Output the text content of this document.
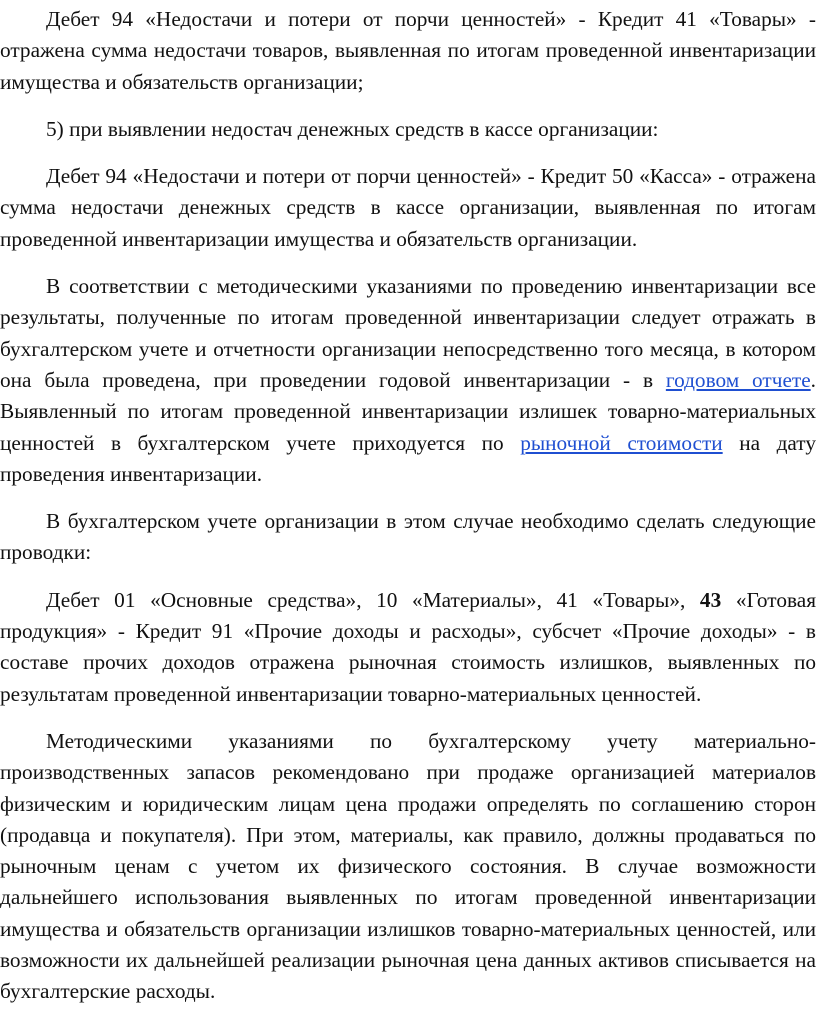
Дебет 94 «Недостачи и потери от порчи ценностей» - Кредит 41 «Товары» - отражена сумма недостачи товаров, выявленная по итогам проведенной инвентаризации имущества и обязательств организации;

5) при выявлении недостач денежных средств в кассе организации:

Дебет 94 «Недостачи и потери от порчи ценностей» - Кредит 50 «Касса» - отражена сумма недостачи денежных средств в кассе организации, выявленная по итогам проведенной инвентаризации имущества и обязательств организации.

В соответствии с методическими указаниями по проведению инвентаризации все результаты, полученные по итогам проведенной инвентаризации следует отражать в бухгалтерском учете и отчетности организации непосредственно того месяца, в котором она была проведена, при проведении годовой инвентаризации - в годовом отчете. Выявленный по итогам проведенной инвентаризации излишек товарно-материальных ценностей в бухгалтерском учете приходуется по рыночной стоимости на дату проведения инвентаризации.

В бухгалтерском учете организации в этом случае необходимо сделать следующие проводки:

Дебет 01 «Основные средства», 10 «Материалы», 41 «Товары», 43 «Готовая продукция» - Кредит 91 «Прочие доходы и расходы», субсчет «Прочие доходы» - в составе прочих доходов отражена рыночная стоимость излишков, выявленных по результатам проведенной инвентаризации товарно-материальных ценностей.

Методическими указаниями по бухгалтерскому учету материально-производственных запасов рекомендовано при продаже организацией материалов физическим и юридическим лицам цена продажи определять по соглашению сторон (продавца и покупателя). При этом, материалы, как правило, должны продаваться по рыночным ценам с учетом их физического состояния. В случае возможности дальнейшего использования выявленных по итогам проведенной инвентаризации имущества и обязательств организации излишков товарно-материальных ценностей, или возможности их дальнейшей реализации рыночная цена данных активов списывается на бухгалтерские расходы.
